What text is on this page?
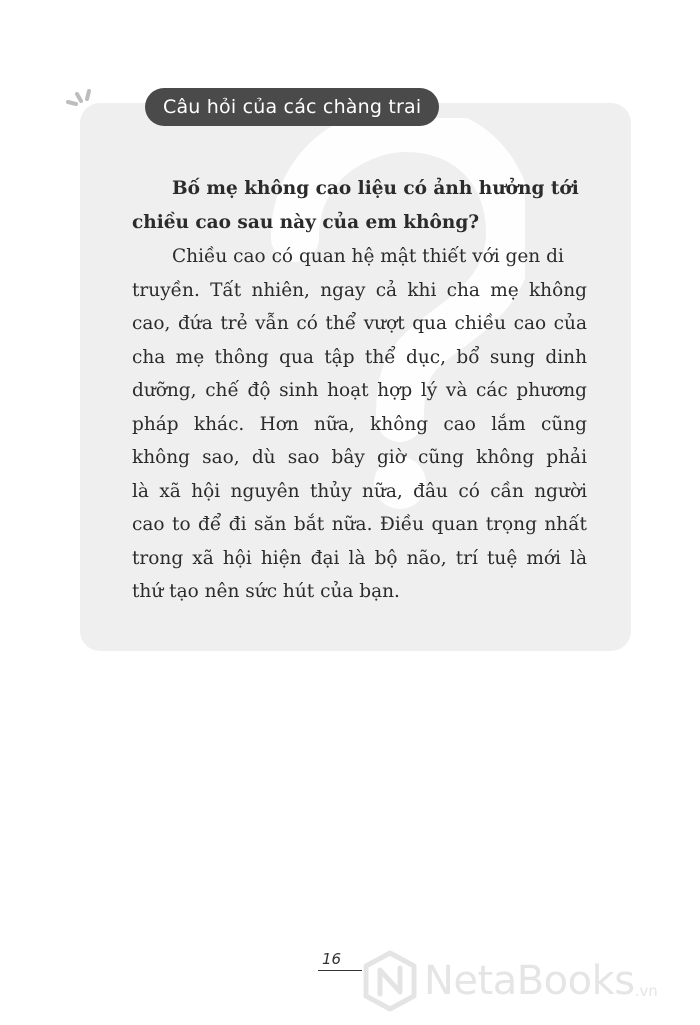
Câu hỏi của các chàng trai

Bố mẹ không cao liệu có ảnh hưởng tới chiều cao sau này của em không?

Chiều cao có quan hệ mật thiết với gen di
truyền. Tất nhiên, ngay cả khi cha mẹ không
cao, đứa trẻ vẫn có thể vượt qua chiều cao của
cha mẹ thông qua tập thể dục, bổ sung dinh
dưỡng, chế độ sinh hoạt hợp lý và các phương
pháp khác. Hơn nữa, không cao lắm cũng
không sao, dù sao bây giờ cũng không phải
là xã hội nguyên thủy nữa, đâu có cần người
cao to để đi săn bắt nữa. Điều quan trọng nhất
trong xã hội hiện đại là bộ não, trí tuệ mới là
thứ tạo nên sức hút của bạn.
16 NetaBooks .vn
